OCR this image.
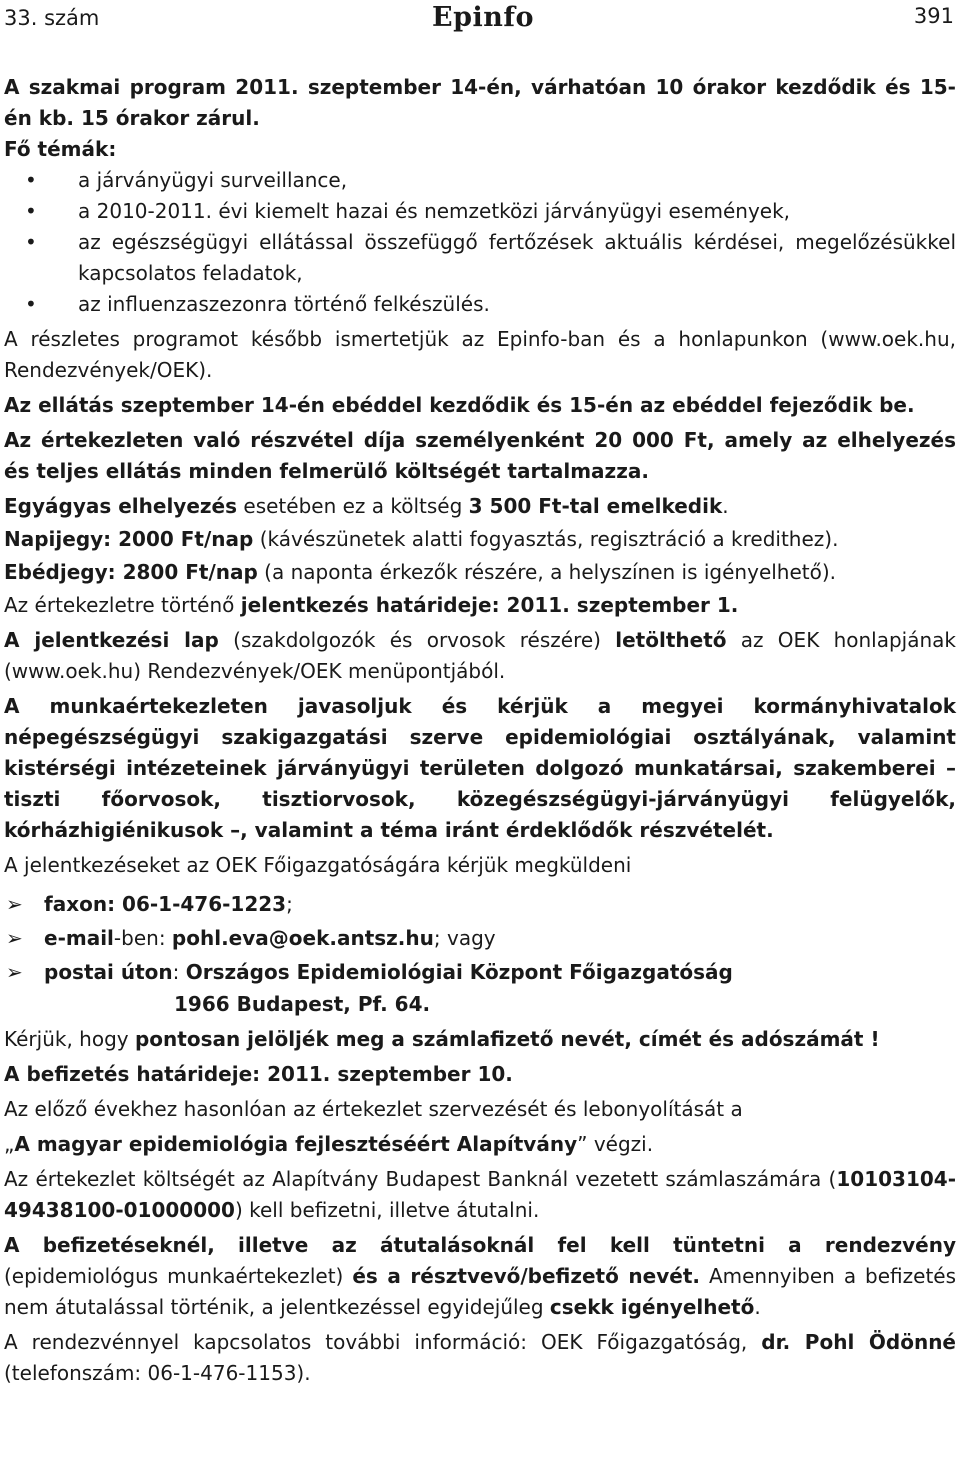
33. szám	Epinfo	391

A szakmai program 2011. szeptember 14-én, várhatóan 10 órakor kezdődik és 15-én kb. 15 órakor zárul.

Fő témák:

• a járványügyi surveillance,
• a 2010-2011. évi kiemelt hazai és nemzetközi járványügyi események,
• az egészségügyi ellátással összefüggő fertőzések aktuális kérdései, megelőzésükkel kapcsolatos feladatok,
• az influenzaszezonra történő felkészülés.

A részletes programot később ismertetjük az Epinfo-ban és a honlapunkon (www.oek.hu, Rendezvények/OEK).

Az ellátás szeptember 14-én ebéddel kezdődik és 15-én az ebéddel fejeződik be.

Az értekezleten való részvétel díja személyenként 20 000 Ft, amely az elhelyezés és teljes ellátás minden felmerülő költségét tartalmazza.

Egyágyas elhelyezés esetében ez a költség 3 500 Ft-tal emelkedik.

Napijegy: 2000 Ft/nap (kávészünetek alatti fogyasztás, regisztráció a kredithez).

Ebédjegy: 2800 Ft/nap (a naponta érkezők részére, a helyszínen is igényelhető).

Az értekezletre történő jelentkezés határideje: 2011. szeptember 1.

A jelentkezési lap (szakdolgozók és orvosok részére) letölthető az OEK honlapjának (www.oek.hu) Rendezvények/OEK menüpontjából.

A munkaértekezleten javasoljuk és kérjük a megyei kormányhivatalok népegészségügyi szakigazgatási szerve epidemiológiai osztályának, valamint kistérségi intézeteinek járványügyi területen dolgozó munkatársai, szakemberei – tiszti főorvosok, tisztiorvosok, közegészségügyi-járványügyi felügyelők, kórházhigiénikusok –, valamint a téma iránt érdeklődők részvételét.

A jelentkezéseket az OEK Főigazgatóságára kérjük megküldeni

➢ faxon: 06-1-476-1223;
➢ e-mail-ben: pohl.eva@oek.antsz.hu; vagy
➢ postai úton: Országos Epidemiológiai Központ Főigazgatóság

1966 Budapest, Pf. 64.

Kérjük, hogy pontosan jelöljék meg a számlafizető nevét, címét és adószámát !

A befizetés határideje: 2011. szeptember 10.

Az előző évekhez hasonlóan az értekezlet szervezését és lebonyolítását a

„A magyar epidemiológia fejlesztéséért Alapítvány” végzi.

Az értekezlet költségét az Alapítvány Budapest Banknál vezetett számlaszámára (10103104-49438100-01000000) kell befizetni, illetve átutalni.

A befizetéseknél, illetve az átutalásoknál fel kell tüntetni a rendezvény (epidemiológus munkaértekezlet) és a résztvevő/befizető nevét. Amennyiben a befizetés nem átutalással történik, a jelentkezéssel egyidejűleg csekk igényelhető.

A rendezvénnyel kapcsolatos további információ: OEK Főigazgatóság, dr. Pohl Ödönné (telefonszám: 06-1-476-1153).
